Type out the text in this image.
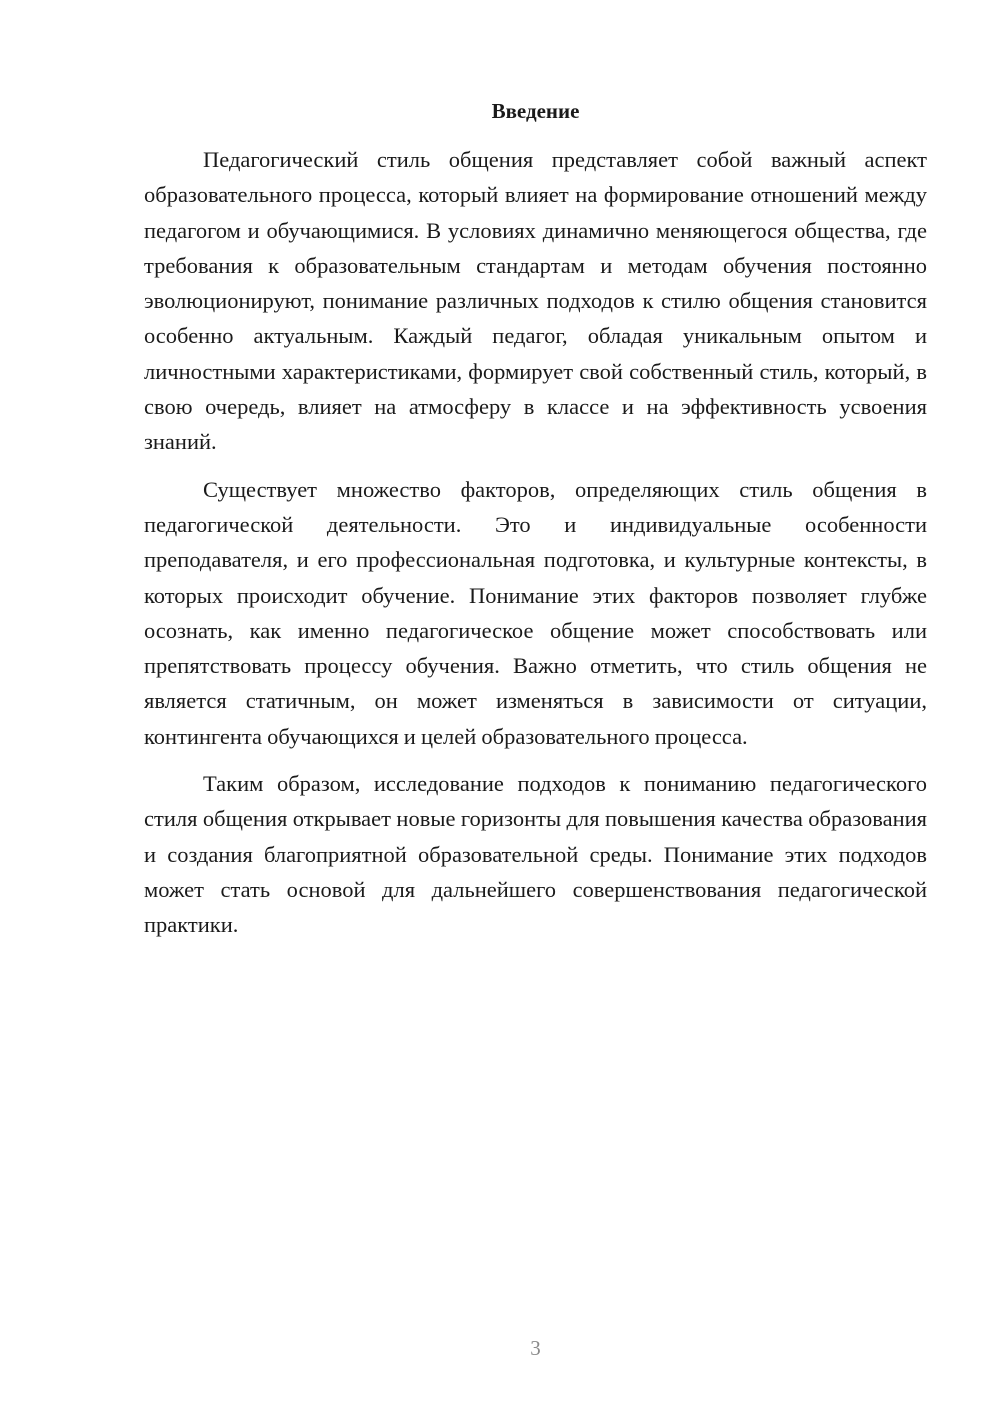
Введение

Педагогический стиль общения представляет собой важный аспект образовательного процесса, который влияет на формирование отношений между педагогом и обучающимися. В условиях динамично меняющегося общества, где требования к образовательным стандартам и методам обучения постоянно эволюционируют, понимание различных подходов к стилю общения становится особенно актуальным. Каждый педагог, обладая уникальным опытом и личностными характеристиками, формирует свой собственный стиль, который, в свою очередь, влияет на атмосферу в классе и на эффективность усвоения знаний.

Существует множество факторов, определяющих стиль общения в педагогической деятельности. Это и индивидуальные особенности преподавателя, и его профессиональная подготовка, и культурные контексты, в которых происходит обучение. Понимание этих факторов позволяет глубже осознать, как именно педагогическое общение может способствовать или препятствовать процессу обучения. Важно отметить, что стиль общения не является статичным, он может изменяться в зависимости от ситуации, контингента обучающихся и целей образовательного процесса.

Таким образом, исследование подходов к пониманию педагогического стиля общения открывает новые горизонты для повышения качества образования и создания благоприятной образовательной среды. Понимание этих подходов может стать основой для дальнейшего совершенствования педагогической практики.

3
